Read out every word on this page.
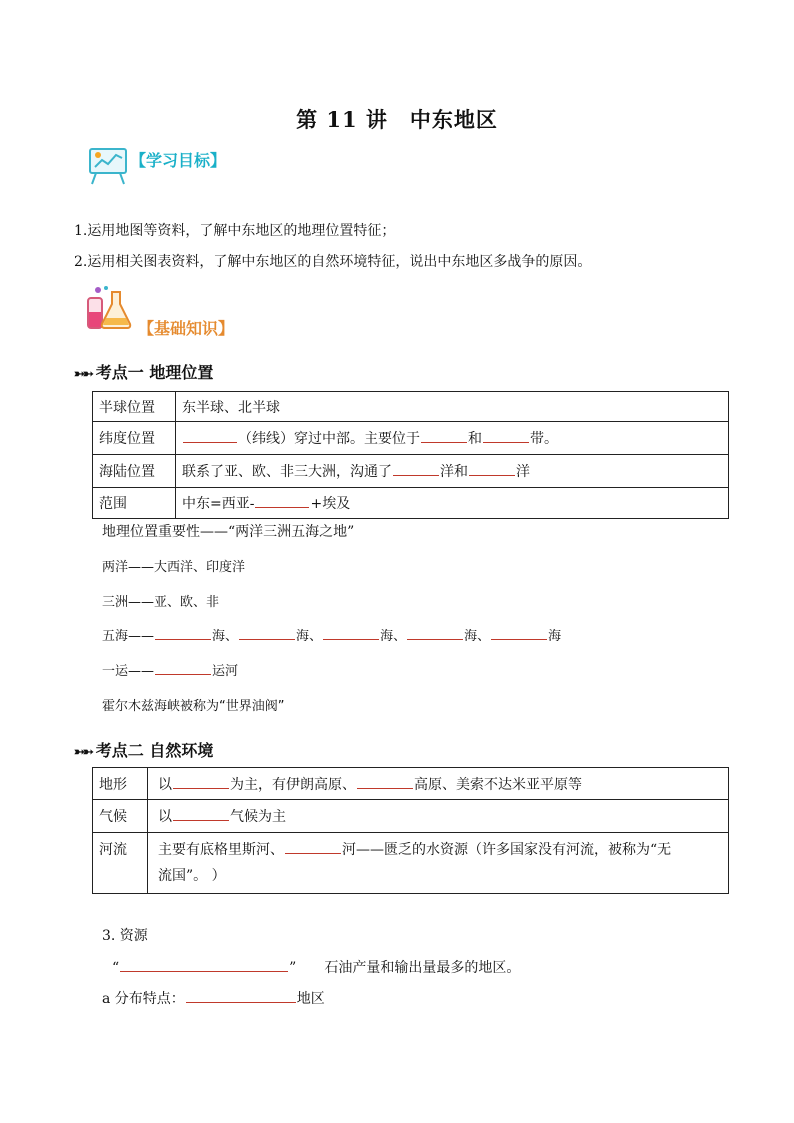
第 11 讲　中东地区
【学习目标】
1.运用地图等资料，了解中东地区的地理位置特征；
2.运用相关图表资料，了解中东地区的自然环境特征，说出中东地区多战争的原因。
【基础知识】
➳➳ 考点一 地理位置
半球位置	东半球、北半球
纬度位置	（纬线）穿过中部。主要位于 和 带。
海陆位置	联系了亚、欧、非三大洲，沟通了 洋和 洋
范围	中东=西亚- +埃及
地理位置重要性——“两洋三洲五海之地”
两洋——大西洋、印度洋
三洲——亚、欧、非
五海——	海、	海、	海、	海、	海
一运——	运河
霍尔木兹海峡被称为“世界油阀”
➳➳ 考点二 自然环境
地形	以 为主，有伊朗高原、 高原、美索不达米亚平原等
气候	以 气候为主
河流	主要有底格里斯河、 河——匮乏的水资源（许多国家没有河流，被称为“无
流国”。 ）
3. 资源
“	” 石油产量和输出量最多的地区。
a 分布特点：	地区
